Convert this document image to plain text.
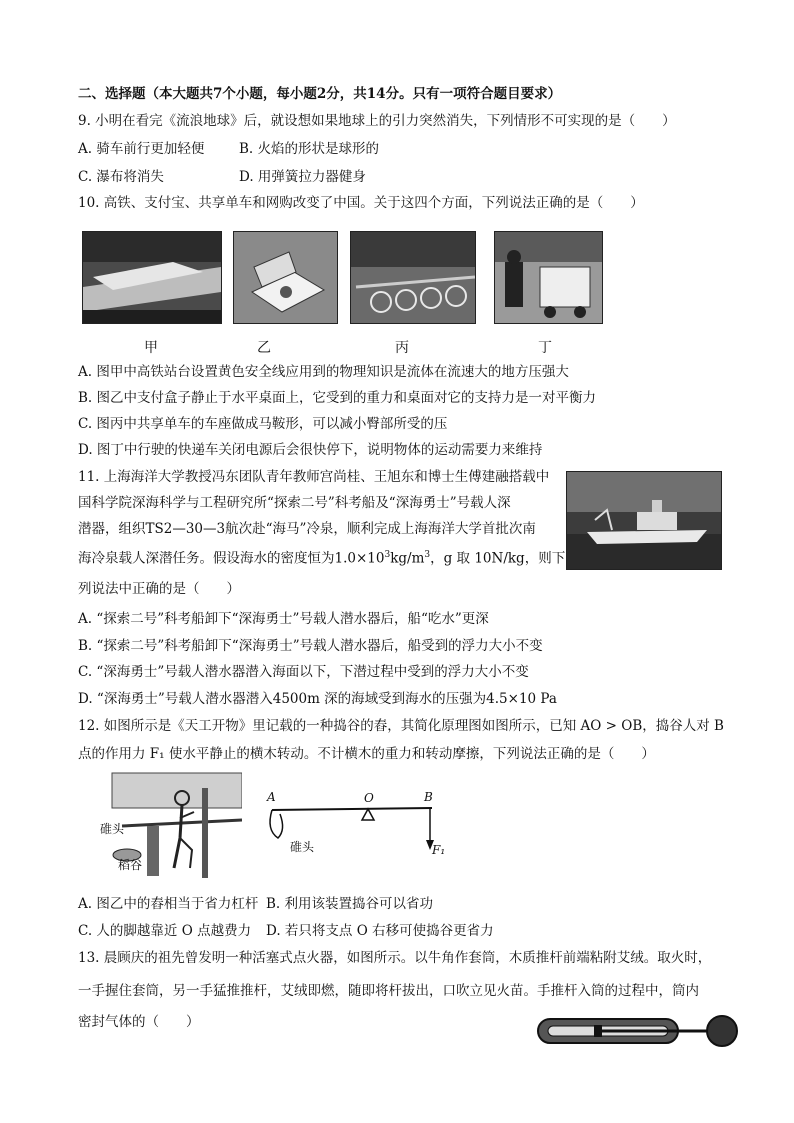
二、选择题（本大题共7个小题，每小题2分，共14分。只有一项符合题目要求）
9. 小明在看完《流浪地球》后，就设想如果地球上的引力突然消失，下列情形不可实现的是（　　）
A. 骑车前行更加轻便	B. 火焰的形状是球形的
C. 瀑布将消失	D. 用弹簧拉力器健身
10. 高铁、支付宝、共享单车和网购改变了中国。关于这四个方面，下列说法正确的是（　　）
甲	乙	丙	丁
A. 图甲中高铁站台设置黄色安全线应用到的物理知识是流体在流速大的地方压强大
B. 图乙中支付盒子静止于水平桌面上，它受到的重力和桌面对它的支持力是一对平衡力
C. 图丙中共享单车的车座做成马鞍形，可以减小臀部所受的压
D. 图丁中行驶的快递车关闭电源后会很快停下，说明物体的运动需要力来维持
11. 上海海洋大学教授冯东团队青年教师宫尚桂、王旭东和博士生傅建融搭载中
国科学院深海科学与工程研究所“探索二号”科考船及“深海勇士”号载人深
潜器，组织TS2—30—3航次赴“海马”冷泉，顺利完成上海海洋大学首批次南
海冷泉载人深潜任务。假设海水的密度恒为$1.0\times 10^3kg/m^3$，g 取 10N/kg，则下
列说法中正确的是（　　）
A. “探索二号”科考船卸下“深海勇士”号载人潜水器后，船“吃水”更深
B. “探索二号”科考船卸下“深海勇士”号载人潜水器后，船受到的浮力大小不变
C. “深海勇士”号载人潜水器潜入海面以下，下潜过程中受到的浮力大小不变
D. “深海勇士”号载人潜水器潜入4500m 深的海域受到海水的压强为4.5×10 Pa
12. 如图所示是《天工开物》里记载的一种捣谷的舂，其简化原理图如图所示，已知 AO > OB，捣谷人对 B
点的作用力 F₁ 使水平静止的横木转动。不计横木的重力和转动摩擦，下列说法正确的是（　　）
碓头
稻谷
A	O	B
F₁
碓头
A. 图乙中的舂相当于省力杠杆 B. 利用该装置捣谷可以省功
C. 人的脚越靠近 O 点越费力 D. 若只将支点 O 右移可使捣谷更省力
13. 晨顾庆的祖先曾发明一种活塞式点火器，如图所示。以牛角作套筒，木质推杆前端粘附艾绒。取火时，
一手握住套筒，另一手猛推推杆，艾绒即燃，随即将杆拔出，口吹立见火苗。手推杆入筒的过程中，筒内
密封气体的（　　）
